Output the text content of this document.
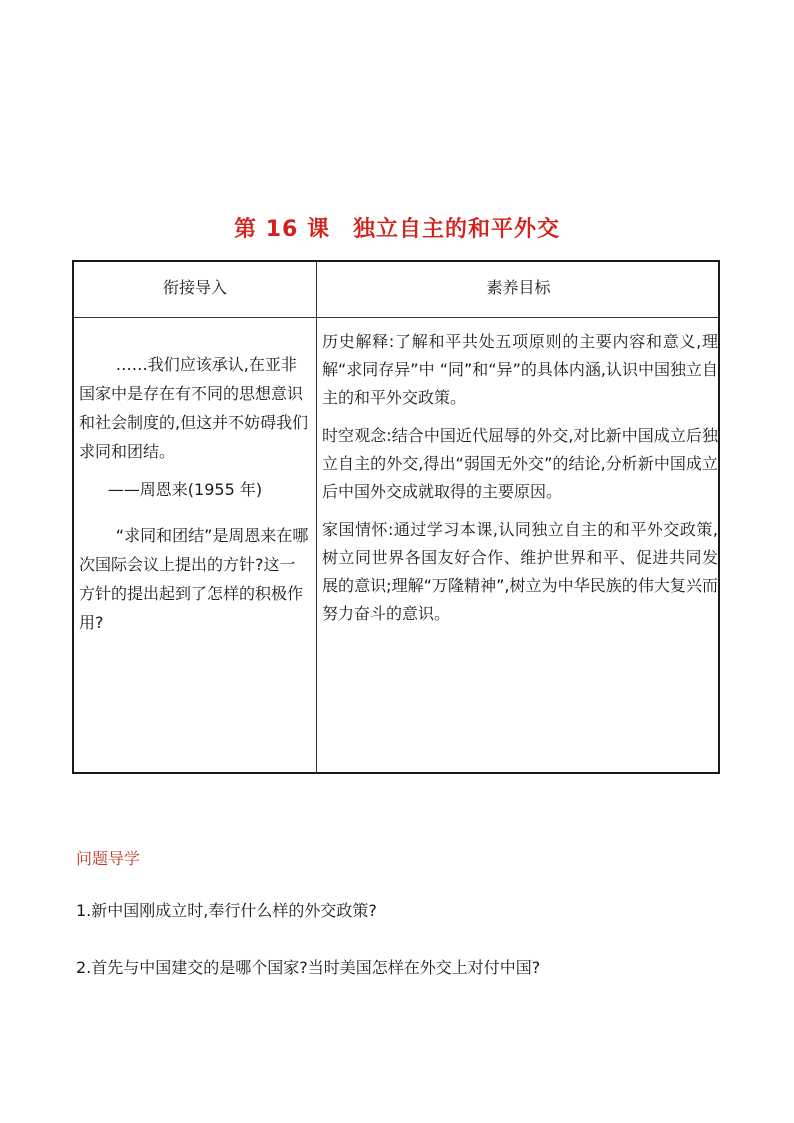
第 16 课　独立自主的和平外交
衔接导入	素养目标

……我们应该承认,在亚非国家中是存在有不同的思想意识和社会制度的,但这并不妨碍我们求同和团结。

——周恩来(1955 年)

“求同和团结”是周恩来在哪次国际会议上提出的方针?这一方针的提出起到了怎样的积极作用?

历史解释:了解和平共处五项原则的主要内容和意义,理解“求同存异”中 “同”和“异”的具体内涵,认识中国独立自主的和平外交政策。

时空观念:结合中国近代屈辱的外交,对比新中国成立后独立自主的外交,得出“弱国无外交”的结论,分析新中国成立后中国外交成就取得的主要原因。

家国情怀:通过学习本课,认同独立自主的和平外交政策,树立同世界各国友好合作、维护世界和平、促进共同发展的意识;理解“万隆精神”,树立为中华民族的伟大复兴而努力奋斗的意识。

问题导学
1.新中国刚成立时,奉行什么样的外交政策?
2.首先与中国建交的是哪个国家?当时美国怎样在外交上对付中国?
